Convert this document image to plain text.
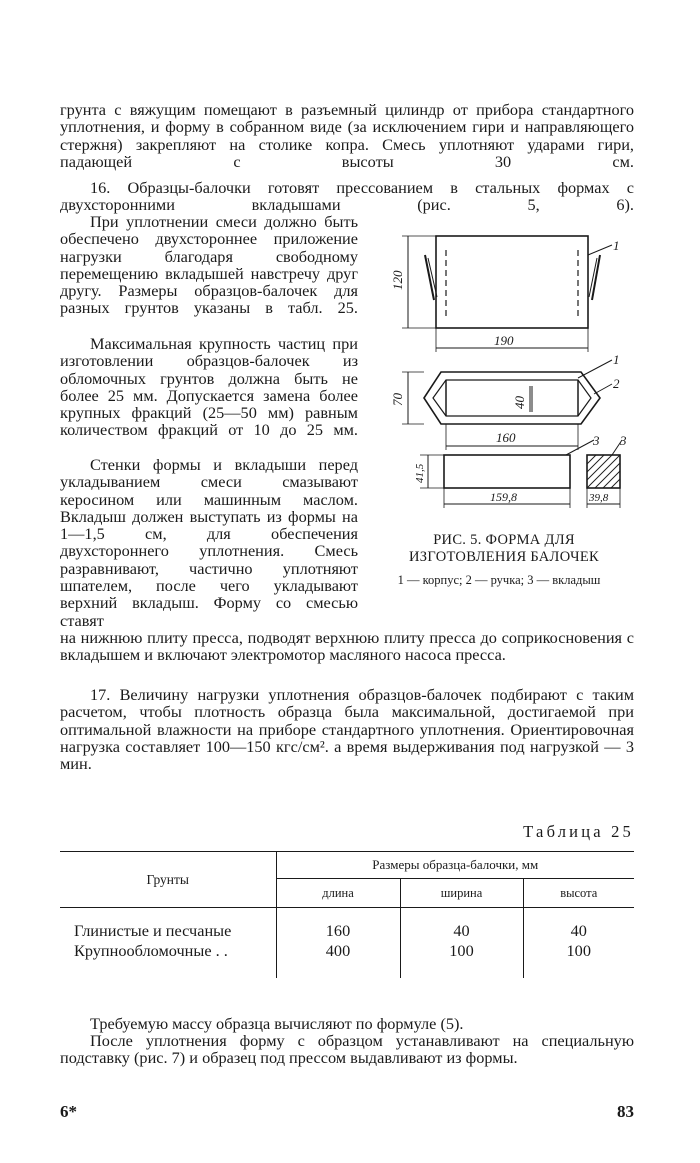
грунта с вяжущим помещают в разъемный цилиндр от прибора стандартного уплотнения, и форму в собранном виде (за исключением гири и направляющего стержня) закрепляют на столике копра. Смесь уплотняют ударами гири, падающей с высоты 30 см.

16. Образцы-балочки готовят прессованием в стальных формах с двухсторонними вкладышами (рис. 5, 6).

При уплотнении смеси должно быть обеспечено двухстороннее приложение нагрузки благодаря свободному перемещению вкладышей навстречу друг другу. Размеры образцов-балочек для разных грунтов указаны в табл. 25.

Максимальная крупность частиц при изготовлении образцов-балочек из обломочных грунтов должна быть не более 25 мм. Допускается замена более крупных фракций (25—50 мм) равным количеством фракций от 10 до 25 мм.

Стенки формы и вкладыши перед укладыванием смеси смазывают керосином или машинным маслом. Вкладыш должен выступать из формы на 1—1,5 см, для обеспечения двухстороннего уплотнения. Смесь разравнивают, частично уплотняют шпателем, после чего укладывают верхний вкладыш. Форму со смесью ставят

на нижнюю плиту пресса, подводят верхнюю плиту пресса до соприкосновения с вкладышем и включают электромотор масляного насоса пресса.

17. Величину нагрузки уплотнения образцов-балочек подбирают с таким расчетом, чтобы плотность образца была максимальной, достигаемой при оптимальной влажности на приборе стандартного уплотнения. Ориентировочная нагрузка составляет 100—150 кгс/см². а время выдерживания под нагрузкой — 3 мин.

120
190
70	40
160
41,5
159,8	39,8
1
1
2
3 3
РИС. 5. ФОРМА ДЛЯ ИЗГОТОВЛЕНИЯ БАЛОЧЕК
1 — корпус; 2 — ручка; 3 — вкладыш
Таблица 25
Грунты	Размеры образца-балочки, мм		
	длина	ширина	высота
Глинистые и песчаные	160	40	40
Крупнообломочные . .	400	100	100

Требуемую массу образца вычисляют по формуле (5).

После уплотнения форму с образцом устанавливают на специальную подставку (рис. 7) и образец под прессом выдавливают из формы.

6*	83
